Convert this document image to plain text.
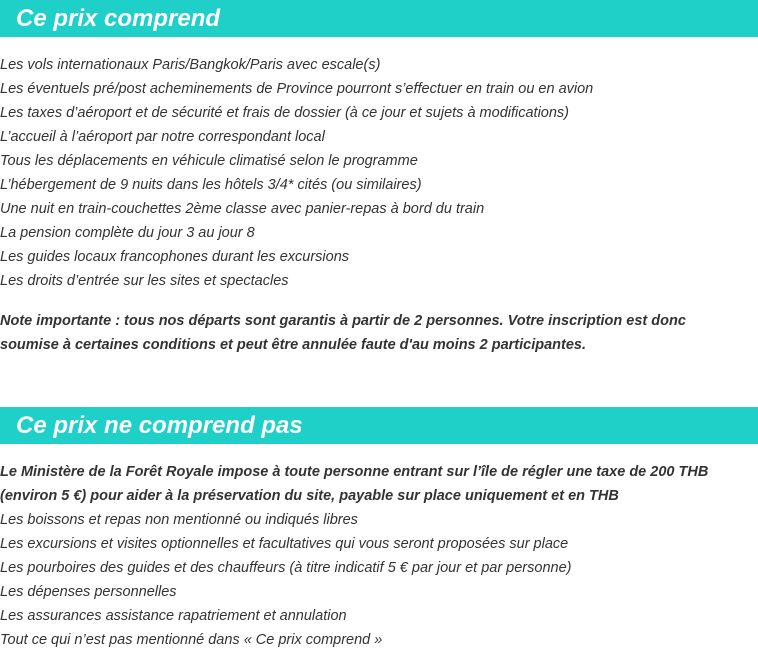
Ce prix comprend
Les vols internationaux Paris/Bangkok/Paris avec escale(s)
Les éventuels pré/post acheminements de Province pourront s’effectuer en train ou en avion
Les taxes d’aéroport et de sécurité et frais de dossier (à ce jour et sujets à modifications)
L’accueil à l’aéroport par notre correspondant local
Tous les déplacements en véhicule climatisé selon le programme
L’hébergement de 9 nuits dans les hôtels 3/4* cités (ou similaires)
Une nuit en train-couchettes 2ème classe avec panier-repas à bord du train
La pension complète du jour 3 au jour 8
Les guides locaux francophones durant les excursions
Les droits d’entrée sur les sites et spectacles

Note importante : tous nos départs sont garantis à partir de 2 personnes. Votre inscription est donc soumise à certaines conditions et peut être annulée faute d'au moins 2 participantes.

Ce prix ne comprend pas
Le Ministère de la Forêt Royale impose à toute personne entrant sur l’île de régler une taxe de 200 THB (environ 5 €) pour aider à la préservation du site, payable sur place uniquement et en THB
Les boissons et repas non mentionné ou indiqués libres
Les excursions et visites optionnelles et facultatives qui vous seront proposées sur place
Les pourboires des guides et des chauffeurs (à titre indicatif 5 € par jour et par personne)
Les dépenses personnelles
Les assurances assistance rapatriement et annulation
Tout ce qui n’est pas mentionné dans « Ce prix comprend »
